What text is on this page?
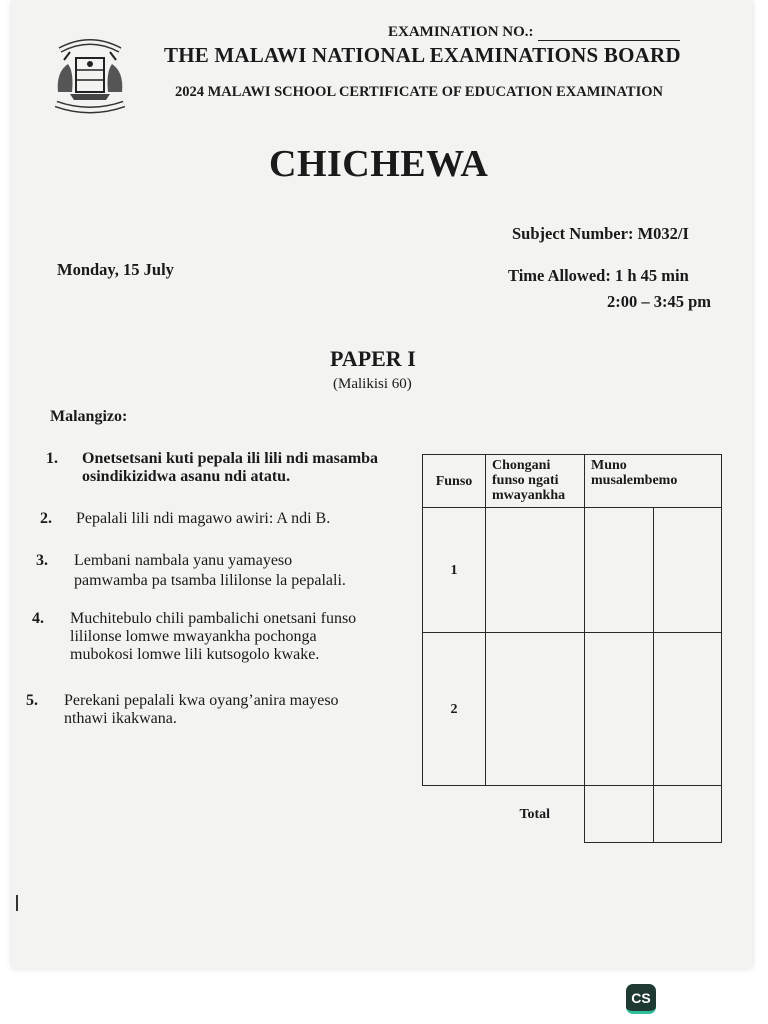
EXAMINATION NO.:
THE MALAWI NATIONAL EXAMINATIONS BOARD
2024 MALAWI SCHOOL CERTIFICATE OF EDUCATION EXAMINATION
CHICHEWA
Subject Number: M032/I
Monday, 15 July	Time Allowed: 1 h 45 min
2:00 – 3:45 pm
PAPER I
(Malikisi 60)
Malangizo:
1. Onetsetsani kuti pepala ili lili ndi masamba
osindikizidwa asanu ndi atatu.
2. Pepalali lili ndi magawo awiri: A ndi B.
3. Lembani nambala yanu yamayeso
pamwamba pa tsamba lililonse la pepalali.
4. Muchitebulo chili pambalichi onetsani funso
lililonse lomwe mwayankha pochonga
mubokosi lomwe lili kutsogolo kwake.
5. Perekani pepalali kwa oyang’anira mayeso
nthawi ikakwana.
Funso	Chongani funso ngati mwayankha	Muno musalembemo	
1			
2			
	Total		
CS
